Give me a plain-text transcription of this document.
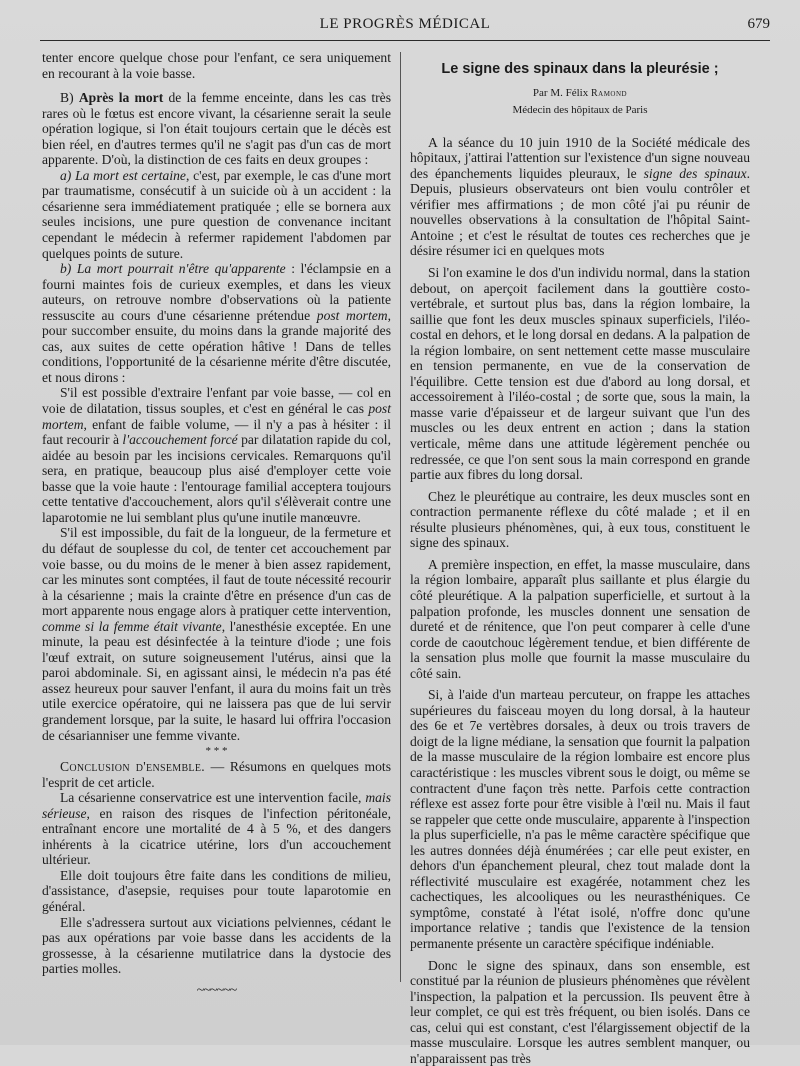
LE PROGRÈS MÉDICAL	679

tenter encore quelque chose pour l'enfant, ce sera uniquement en recourant à la voie basse.

B) Après la mort de la femme enceinte, dans les cas très rares où le fœtus est encore vivant, la césarienne serait la seule opération logique, si l'on était toujours certain que le décès est bien réel, en d'autres termes qu'il ne s'agit pas d'un cas de mort apparente. D'où, la distinction de ces faits en deux groupes :

a) La mort est certaine, c'est, par exemple, le cas d'une mort par traumatisme, consécutif à un suicide où à un accident : la césarienne sera immédiatement pratiquée ; elle se bornera aux seules incisions, une pure question de convenance incitant cependant le médecin à refermer rapidement l'abdomen par quelques points de suture.

b) La mort pourrait n'être qu'apparente : l'éclampsie en a fourni maintes fois de curieux exemples, et dans les vieux auteurs, on retrouve nombre d'observations où la patiente ressuscite au cours d'une césarienne prétendue post mortem, pour succomber ensuite, du moins dans la grande majorité des cas, aux suites de cette opération hâtive ! Dans de telles conditions, l'opportunité de la césarienne mérite d'être discutée, et nous dirons :

S'il est possible d'extraire l'enfant par voie basse, — col en voie de dilatation, tissus souples, et c'est en général le cas post mortem, enfant de faible volume, — il n'y a pas à hésiter : il faut recourir à l'accouchement forcé par dilatation rapide du col, aidée au besoin par les incisions cervicales. Remarquons qu'il sera, en pratique, beaucoup plus aisé d'employer cette voie basse que la voie haute : l'entourage familial acceptera toujours cette tentative d'accouchement, alors qu'il s'élèverait contre une laparotomie ne lui semblant plus qu'une inutile manœuvre.

S'il est impossible, du fait de la longueur, de la fermeture et du défaut de souplesse du col, de tenter cet accouchement par voie basse, ou du moins de le mener à bien assez rapidement, car les minutes sont comptées, il faut de toute nécessité recourir à la césarienne ; mais la crainte d'être en présence d'un cas de mort apparente nous engage alors à pratiquer cette intervention, comme si la femme était vivante, l'anesthésie exceptée. En une minute, la peau est désinfectée à la teinture d'iode ; une fois l'œuf extrait, on suture soigneusement l'utérus, ainsi que la paroi abdominale. Si, en agissant ainsi, le médecin n'a pas été assez heureux pour sauver l'enfant, il aura du moins fait un très utile exercice opératoire, qui ne laissera pas que de lui servir grandement lorsque, par la suite, le hasard lui offrira l'occasion de césarianniser une femme vivante.

* * *

Conclusion d'ensemble. — Résumons en quelques mots l'esprit de cet article.

La césarienne conservatrice est une intervention facile, mais sérieuse, en raison des risques de l'infection péritonéale, entraînant encore une mortalité de 4 à 5 %, et des dangers inhérents à la cicatrice utérine, lors d'un accouchement ultérieur.

Elle doit toujours être faite dans les conditions de milieu, d'assistance, d'asepsie, requises pour toute laparotomie en général.

Elle s'adressera surtout aux viciations pelviennes, cédant le pas aux opérations par voie basse dans les accidents de la grossesse, à la césarienne mutilatrice dans la dystocie des parties molles.

~~~~~~
Le signe des spinaux dans la pleurésie ;
Par M. Félix Ramond
Médecin des hôpitaux de Paris

A la séance du 10 juin 1910 de la Société médicale des hôpitaux, j'attirai l'attention sur l'existence d'un signe nouveau des épanchements liquides pleuraux, le signe des spinaux. Depuis, plusieurs observateurs ont bien voulu contrôler et vérifier mes affirmations ; de mon côté j'ai pu réunir de nouvelles observations à la consultation de l'hôpital Saint-Antoine ; et c'est le résultat de toutes ces recherches que je désire résumer ici en quelques mots

Si l'on examine le dos d'un individu normal, dans la station debout, on aperçoit facilement dans la gouttière costo-vertébrale, et surtout plus bas, dans la région lombaire, la saillie que font les deux muscles spinaux superficiels, l'iléo-costal en dehors, et le long dorsal en dedans. A la palpation de la région lombaire, on sent nettement cette masse musculaire en tension permanente, en vue de la conservation de l'équilibre. Cette tension est due d'abord au long dorsal, et accessoirement à l'iléo-costal ; de sorte que, sous la main, la masse varie d'épaisseur et de largeur suivant que l'un des muscles ou les deux entrent en action ; dans la station verticale, même dans une attitude légèrement penchée ou redressée, ce que l'on sent sous la main correspond en grande partie aux fibres du long dorsal.

Chez le pleurétique au contraire, les deux muscles sont en contraction permanente réflexe du côté malade ; et il en résulte plusieurs phénomènes, qui, à eux tous, constituent le signe des spinaux.

A première inspection, en effet, la masse musculaire, dans la région lombaire, apparaît plus saillante et plus élargie du côté pleurétique. A la palpation superficielle, et surtout à la palpation profonde, les muscles donnent une sensation de dureté et de rénitence, que l'on peut comparer à celle d'une corde de caoutchouc légèrement tendue, et bien différente de la sensation plus molle que fournit la masse musculaire du côté sain.

Si, à l'aide d'un marteau percuteur, on frappe les attaches supérieures du faisceau moyen du long dorsal, à la hauteur des 6e et 7e vertèbres dorsales, à deux ou trois travers de doigt de la ligne médiane, la sensation que fournit la palpation de la masse musculaire de la région lombaire est encore plus caractéristique : les muscles vibrent sous le doigt, ou même se contractent d'une façon très nette. Parfois cette contraction réflexe est assez forte pour être visible à l'œil nu. Mais il faut se rappeler que cette onde musculaire, apparente à l'inspection la plus superficielle, n'a pas le même caractère spécifique que les autres données déjà énumérées ; car elle peut exister, en dehors d'un épanchement pleural, chez tout malade dont la réflectivité musculaire est exagérée, notamment chez les cachectiques, les alcooliques ou les neurasthéniques. Ce symptôme, constaté à l'état isolé, n'offre donc qu'une importance relative ; tandis que l'existence de la tension permanente présente un caractère spécifique indéniable.

Donc le signe des spinaux, dans son ensemble, est constitué par la réunion de plusieurs phénomènes que révèlent l'inspection, la palpation et la percussion. Ils peuvent être à leur complet, ce qui est très fréquent, ou bien isolés. Dans ce cas, celui qui est constant, c'est l'élargissement objectif de la masse musculaire. Lorsque les autres semblent manquer, ou n'apparaissent pas très
